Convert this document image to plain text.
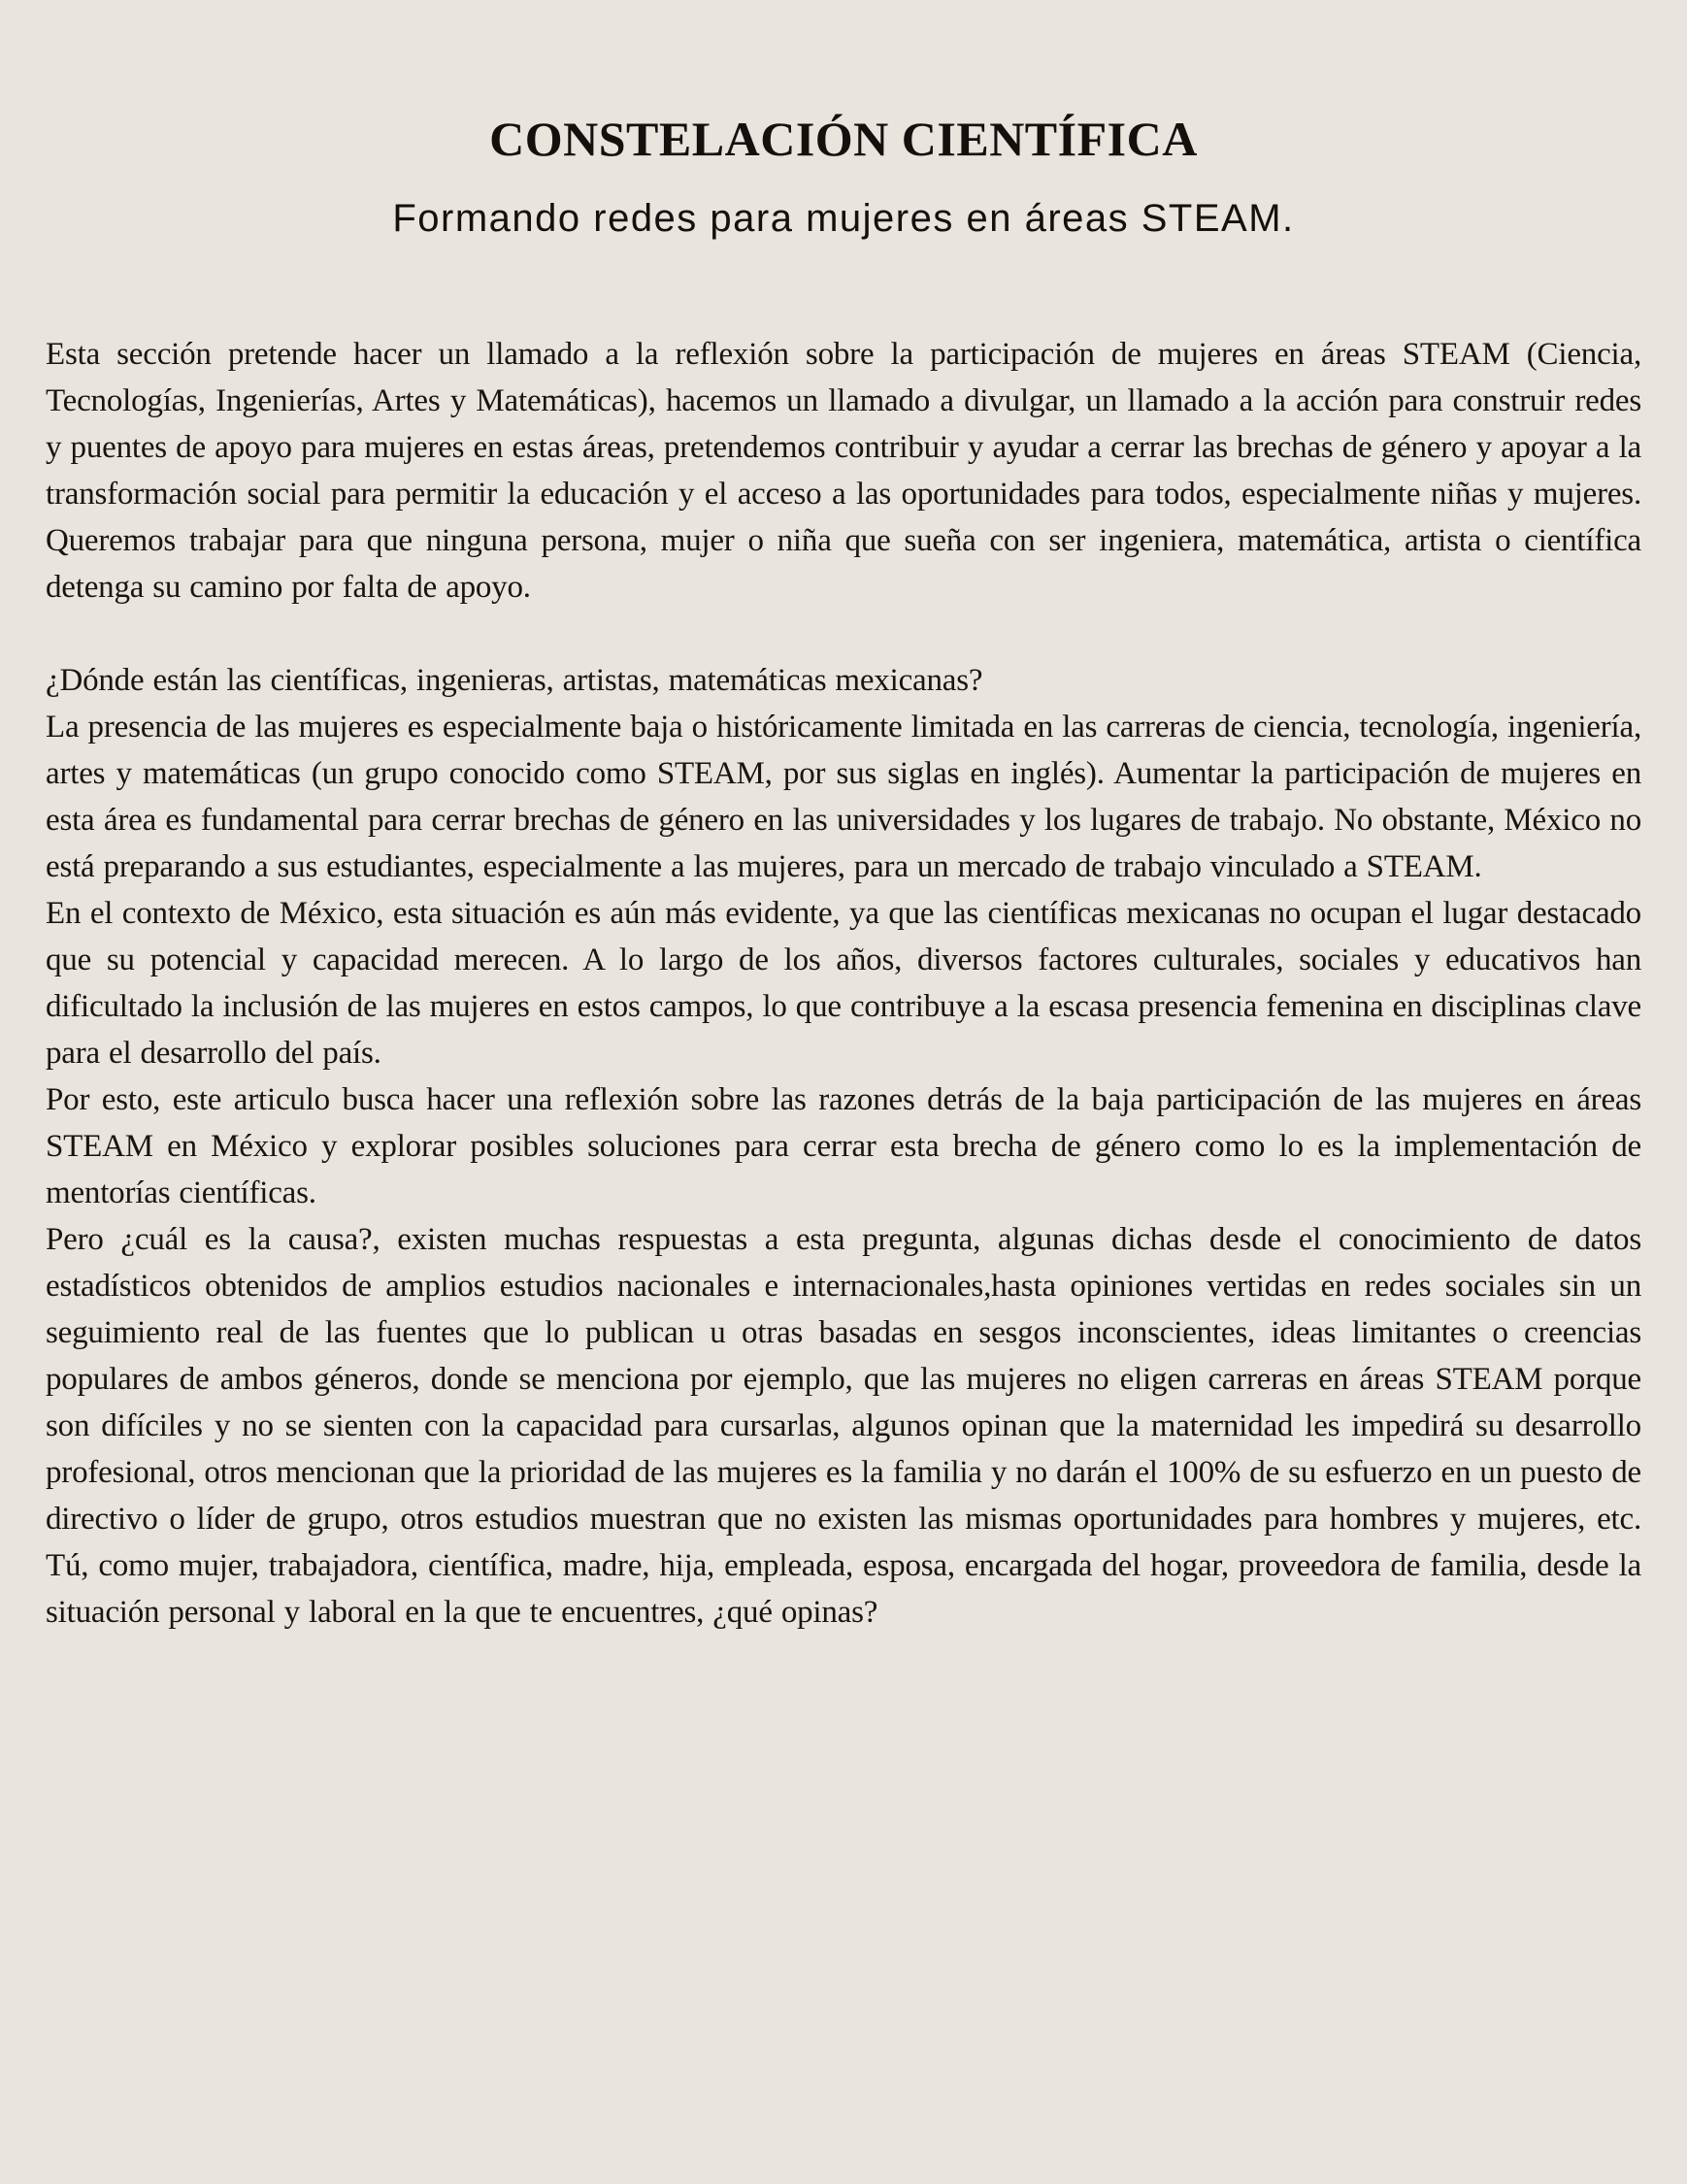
CONSTELACIÓN CIENTÍFICA

Formando redes para mujeres en áreas STEAM.

Esta sección pretende hacer un llamado a la reflexión sobre la participación de mujeres en áreas STEAM (Ciencia, Tecnologías, Ingenierías, Artes y Matemáticas), hacemos un llamado a divulgar, un llamado a la acción para construir redes y puentes de apoyo para mujeres en estas áreas, pretendemos contribuir y ayudar a cerrar las brechas de género y apoyar a la transformación social para permitir la educación y el acceso a las oportunidades para todos, especialmente niñas y mujeres. Queremos trabajar para que ninguna persona, mujer o niña que sueña con ser ingeniera, matemática, artista o científica detenga su camino por falta de apoyo.

¿Dónde están las científicas, ingenieras, artistas, matemáticas mexicanas?

La presencia de las mujeres es especialmente baja o históricamente limitada en las carreras de ciencia, tecnología, ingeniería, artes y matemáticas (un grupo conocido como STEAM, por sus siglas en inglés). Aumentar la participación de mujeres en esta área es fundamental para cerrar brechas de género en las universidades y los lugares de trabajo. No obstante, México no está preparando a sus estudiantes, especialmente a las mujeres, para un mercado de trabajo vinculado a STEAM.

En el contexto de México, esta situación es aún más evidente, ya que las científicas mexicanas no ocupan el lugar destacado que su potencial y capacidad merecen. A lo largo de los años, diversos factores culturales, sociales y educativos han dificultado la inclusión de las mujeres en estos campos, lo que contribuye a la escasa presencia femenina en disciplinas clave para el desarrollo del país.

Por esto, este articulo busca hacer una reflexión sobre las razones detrás de la baja participación de las mujeres en áreas STEAM en México y explorar posibles soluciones para cerrar esta brecha de género como lo es la implementación de mentorías científicas.

Pero ¿cuál es la causa?, existen muchas respuestas a esta pregunta, algunas dichas desde el conocimiento de datos estadísticos obtenidos de amplios estudios nacionales e internacionales,hasta opiniones vertidas en redes sociales sin un seguimiento real de las fuentes que lo publican u otras basadas en sesgos inconscientes, ideas limitantes o creencias populares de ambos géneros, donde se menciona por ejemplo, que las mujeres no eligen carreras en áreas STEAM porque son difíciles y no se sienten con la capacidad para cursarlas, algunos opinan que la maternidad les impedirá su desarrollo profesional, otros mencionan que la prioridad de las mujeres es la familia y no darán el 100% de su esfuerzo en un puesto de directivo o líder de grupo, otros estudios muestran que no existen las mismas oportunidades para hombres y mujeres, etc. Tú, como mujer, trabajadora, científica, madre, hija, empleada, esposa, encargada del hogar, proveedora de familia, desde la situación personal y laboral en la que te encuentres, ¿qué opinas?
